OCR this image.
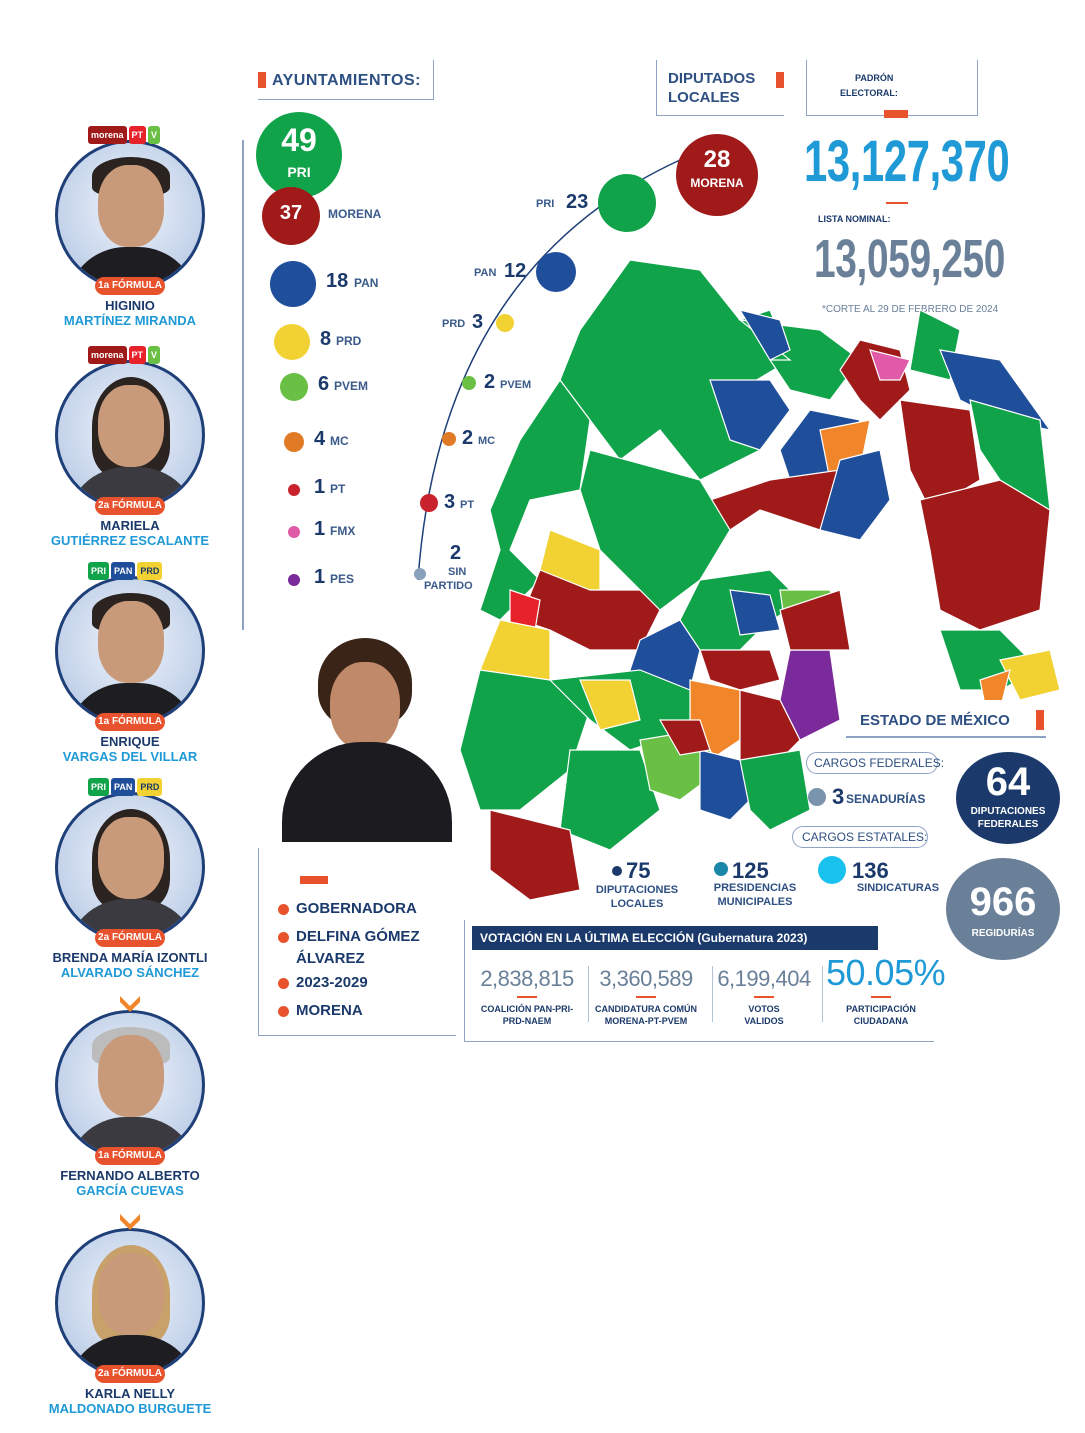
morena PT V
1a FÓRMULA
HIGINIO
MARTÍNEZ MIRANDA
morena PT V
2a FÓRMULA
MARIELA
GUTIÉRREZ ESCALANTE
PRI PAN PRD
1a FÓRMULA
ENRIQUE
VARGAS DEL VILLAR
PRI PAN PRD
2a FÓRMULA
BRENDA MARÍA IZONTLI
ALVARADO SÁNCHEZ
1a FÓRMULA
FERNANDO ALBERTO
GARCÍA CUEVAS
2a FÓRMULA
KARLA NELLY
MALDONADO BURGUETE
AYUNTAMIENTOS:
49
PRI
37	MORENA
18 PAN
8 PRD
6 PVEM
4 MC
1 PT
1 FMX
1 PES
DIPUTADOS
LOCALES
28
MORENA
PRI 23
PAN 12
PRD 3
2 PVEM
2 MC
3 PT
2
SIN
PARTIDO
PADRÓN
ELECTORAL:
13,127,370
LISTA NOMINAL:
13,059,250
*CORTE AL 29 DE FEBRERO DE 2024
ESTADO DE MÉXICO
GOBERNADORA
DELFINA GÓMEZ
ÁLVAREZ
2023-2029
MORENA
CARGOS FEDERALES:
3 SENADURÍAS	64
DIPUTACIONES
FEDERALES
CARGOS ESTATALES:
75
DIPUTACIONES
LOCALES
125
PRESIDENCIAS
MUNICIPALES
136
SINDICATURAS 966
REGIDURÍAS
VOTACIÓN EN LA ÚLTIMA ELECCIÓN (Gubernatura 2023)
2,838,815
COALICIÓN PAN-PRI-
PRD-NAEM
3,360,589
CANDIDATURA COMÚN
MORENA-PT-PVEM
6,199,404
VOTOS
VALIDOS
50.05%
PARTICIPACIÓN
CIUDADANA
